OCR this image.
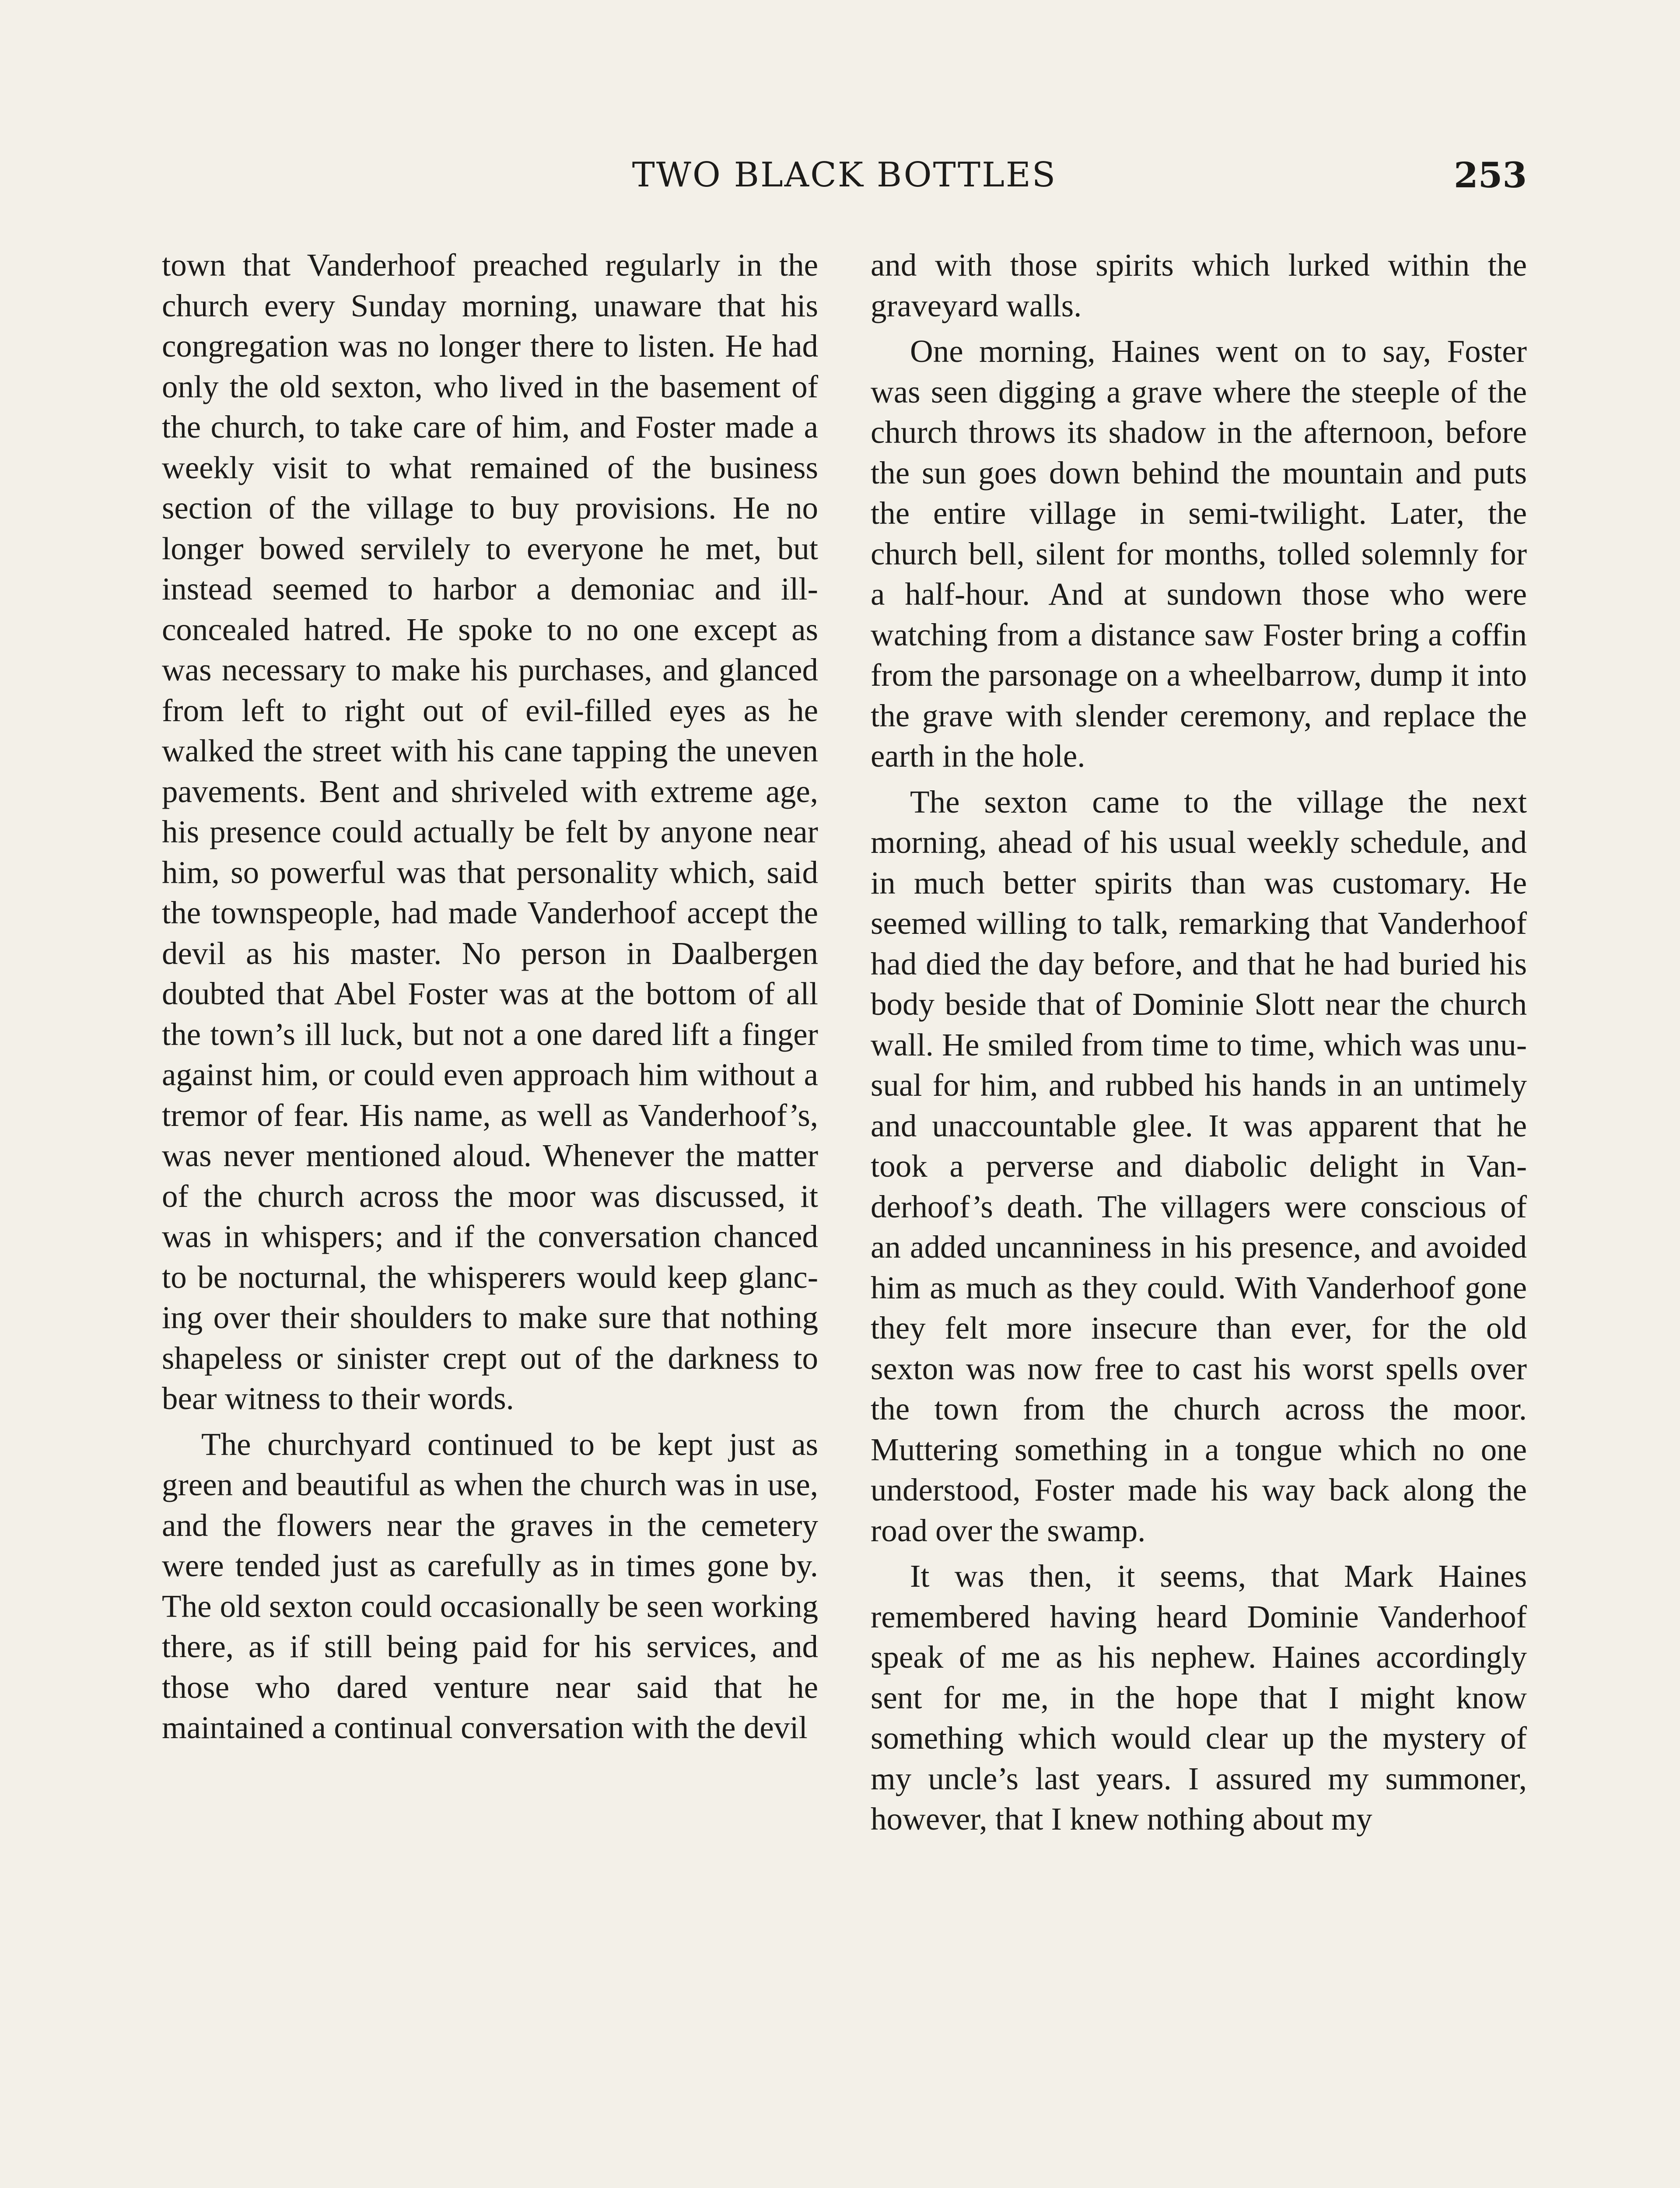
TWO BLACK BOTTLES	253

town that Vanderhoof preached regularly in the church every Sunday morning, unaware that his congregation was no longer there to listen. He had only the old sexton, who lived in the basement of the church, to take care of him, and Foster made a weekly visit to what remained of the business section of the village to buy provisions. He no longer bowed servilely to everyone he met, but instead seemed to harbor a demoniac and ill-concealed hatred. He spoke to no one except as was necessary to make his purchases, and glanced from left to right out of evil-filled eyes as he walked the street with his cane tapping the uneven pavements. Bent and shriveled with extreme age, his presence could actually be felt by anyone near him, so powerful was that personality which, said the townspeople, had made Vanderhoof accept the devil as his master. No person in Daalbergen doubted that Abel Foster was at the bottom of all the town’s ill luck, but not a one dared lift a finger against him, or could even approach him without a tremor of fear. His name, as well as Vanderhoof’s, was never mentioned aloud. Whenever the matter of the church across the moor was discussed, it was in whispers; and if the conversation chanced to be nocturnal, the whisperers would keep glancing over their shoulders to make sure that nothing shapeless or sinister crept out of the darkness to bear witness to their words.

The churchyard continued to be kept just as green and beautiful as when the church was in use, and the flowers near the graves in the cemetery were tended just as carefully as in times gone by. The old sexton could occasionally be seen working there, as if still being paid for his services, and those who dared venture near said that he maintained a continual conversation with the devil

and with those spirits which lurked within the graveyard walls.

One morning, Haines went on to say, Foster was seen digging a grave where the steeple of the church throws its shadow in the afternoon, before the sun goes down behind the mountain and puts the entire village in semi-twilight. Later, the church bell, silent for months, tolled solemnly for a half-hour. And at sundown those who were watching from a distance saw Foster bring a coffin from the parsonage on a wheelbarrow, dump it into the grave with slender ceremony, and replace the earth in the hole.

The sexton came to the village the next morning, ahead of his usual weekly schedule, and in much better spirits than was customary. He seemed willing to talk, remarking that Vanderhoof had died the day before, and that he had buried his body beside that of Dominie Slott near the church wall. He smiled from time to time, which was unusual for him, and rubbed his hands in an untimely and unaccountable glee. It was apparent that he took a perverse and diabolic delight in Vanderhoof’s death. The villagers were conscious of an added uncanniness in his presence, and avoided him as much as they could. With Vanderhoof gone they felt more insecure than ever, for the old sexton was now free to cast his worst spells over the town from the church across the moor. Muttering something in a tongue which no one understood, Foster made his way back along the road over the swamp.

It was then, it seems, that Mark Haines remembered having heard Dominie Vanderhoof speak of me as his nephew. Haines accordingly sent for me, in the hope that I might know something which would clear up the mystery of my uncle’s last years. I assured my summoner, however, that I knew nothing about my
